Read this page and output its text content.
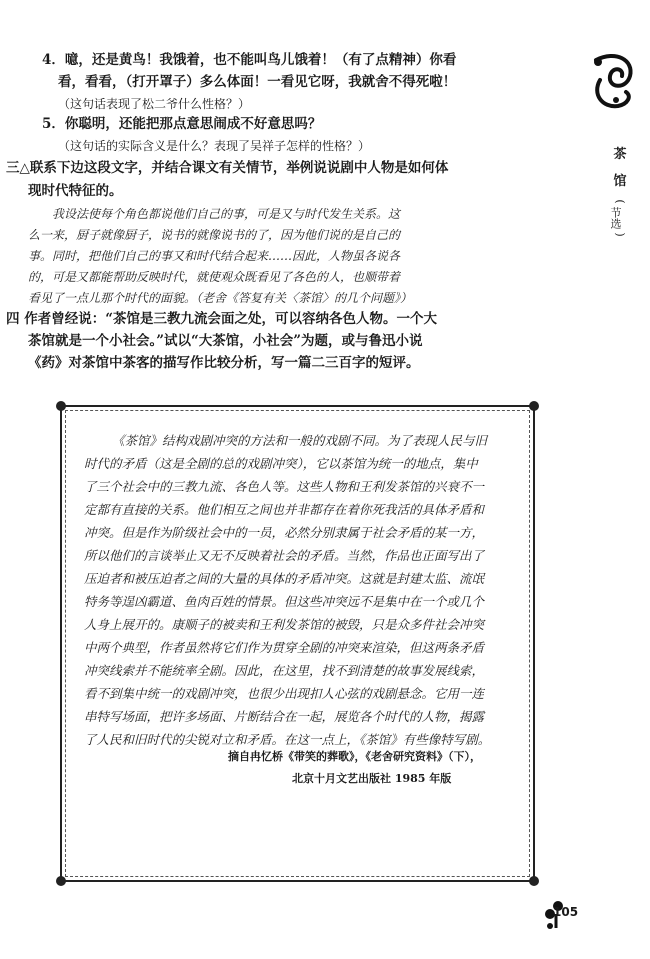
茶
馆
(
节选
)
4．噫，还是黄鸟！我饿着，也不能叫鸟儿饿着！（有了点精神）你看
看，看看，（打开罩子）多么体面！一看见它呀，我就舍不得死啦！
（这句话表现了松二爷什么性格？）
5．你聪明，还能把那点意思闹成不好意思吗？
（这句话的实际含义是什么？表现了吴祥子怎样的性格？）
三△联系下边这段文字，并结合课文有关情节，举例说说剧中人物是如何体
现时代特征的。
我设法使每个角色都说他们自己的事，可是又与时代发生关系。这
么一来，厨子就像厨子，说书的就像说书的了，因为他们说的是自己的
事。同时，把他们自己的事又和时代结合起来……因此，人物虽各说各
的，可是又都能帮助反映时代，就使观众既看见了各色的人，也顺带着
看见了一点儿那个时代的面貌。（老舍《答复有关〈茶馆〉的几个问题》）
四 作者曾经说：“茶馆是三教九流会面之处，可以容纳各色人物。一个大
茶馆就是一个小社会。”试以“大茶馆，小社会”为题，或与鲁迅小说
《药》对茶馆中茶客的描写作比较分析，写一篇二三百字的短评。
《茶馆》结构戏剧冲突的方法和一般的戏剧不同。为了表现人民与旧
时代的矛盾（这是全剧的总的戏剧冲突），它以茶馆为统一的地点，集中
了三个社会中的三教九流、各色人等。这些人物和王利发茶馆的兴衰不一
定都有直接的关系。他们相互之间也并非都存在着你死我活的具体矛盾和
冲突。但是作为阶级社会中的一员，必然分别隶属于社会矛盾的某一方，
所以他们的言谈举止又无不反映着社会的矛盾。当然，作品也正面写出了
压迫者和被压迫者之间的大量的具体的矛盾冲突。这就是封建太监、流氓
特务等逞凶霸道、鱼肉百姓的情景。但这些冲突远不是集中在一个或几个
人身上展开的。康顺子的被卖和王利发茶馆的被毁，只是众多件社会冲突
中两个典型，作者虽然将它们作为贯穿全剧的冲突来渲染，但这两条矛盾
冲突线索并不能统率全剧。因此，在这里，找不到清楚的故事发展线索，
看不到集中统一的戏剧冲突，也很少出现扣人心弦的戏剧悬念。它用一连
串特写场面，把许多场面、片断结合在一起，展览各个时代的人物，揭露
了人民和旧时代的尖锐对立和矛盾。在这一点上，《茶馆》有些像特写剧。
摘自冉忆桥《带笑的葬歌》，《老舍研究资料》（下），
北京十月文艺出版社 1985 年版
105
